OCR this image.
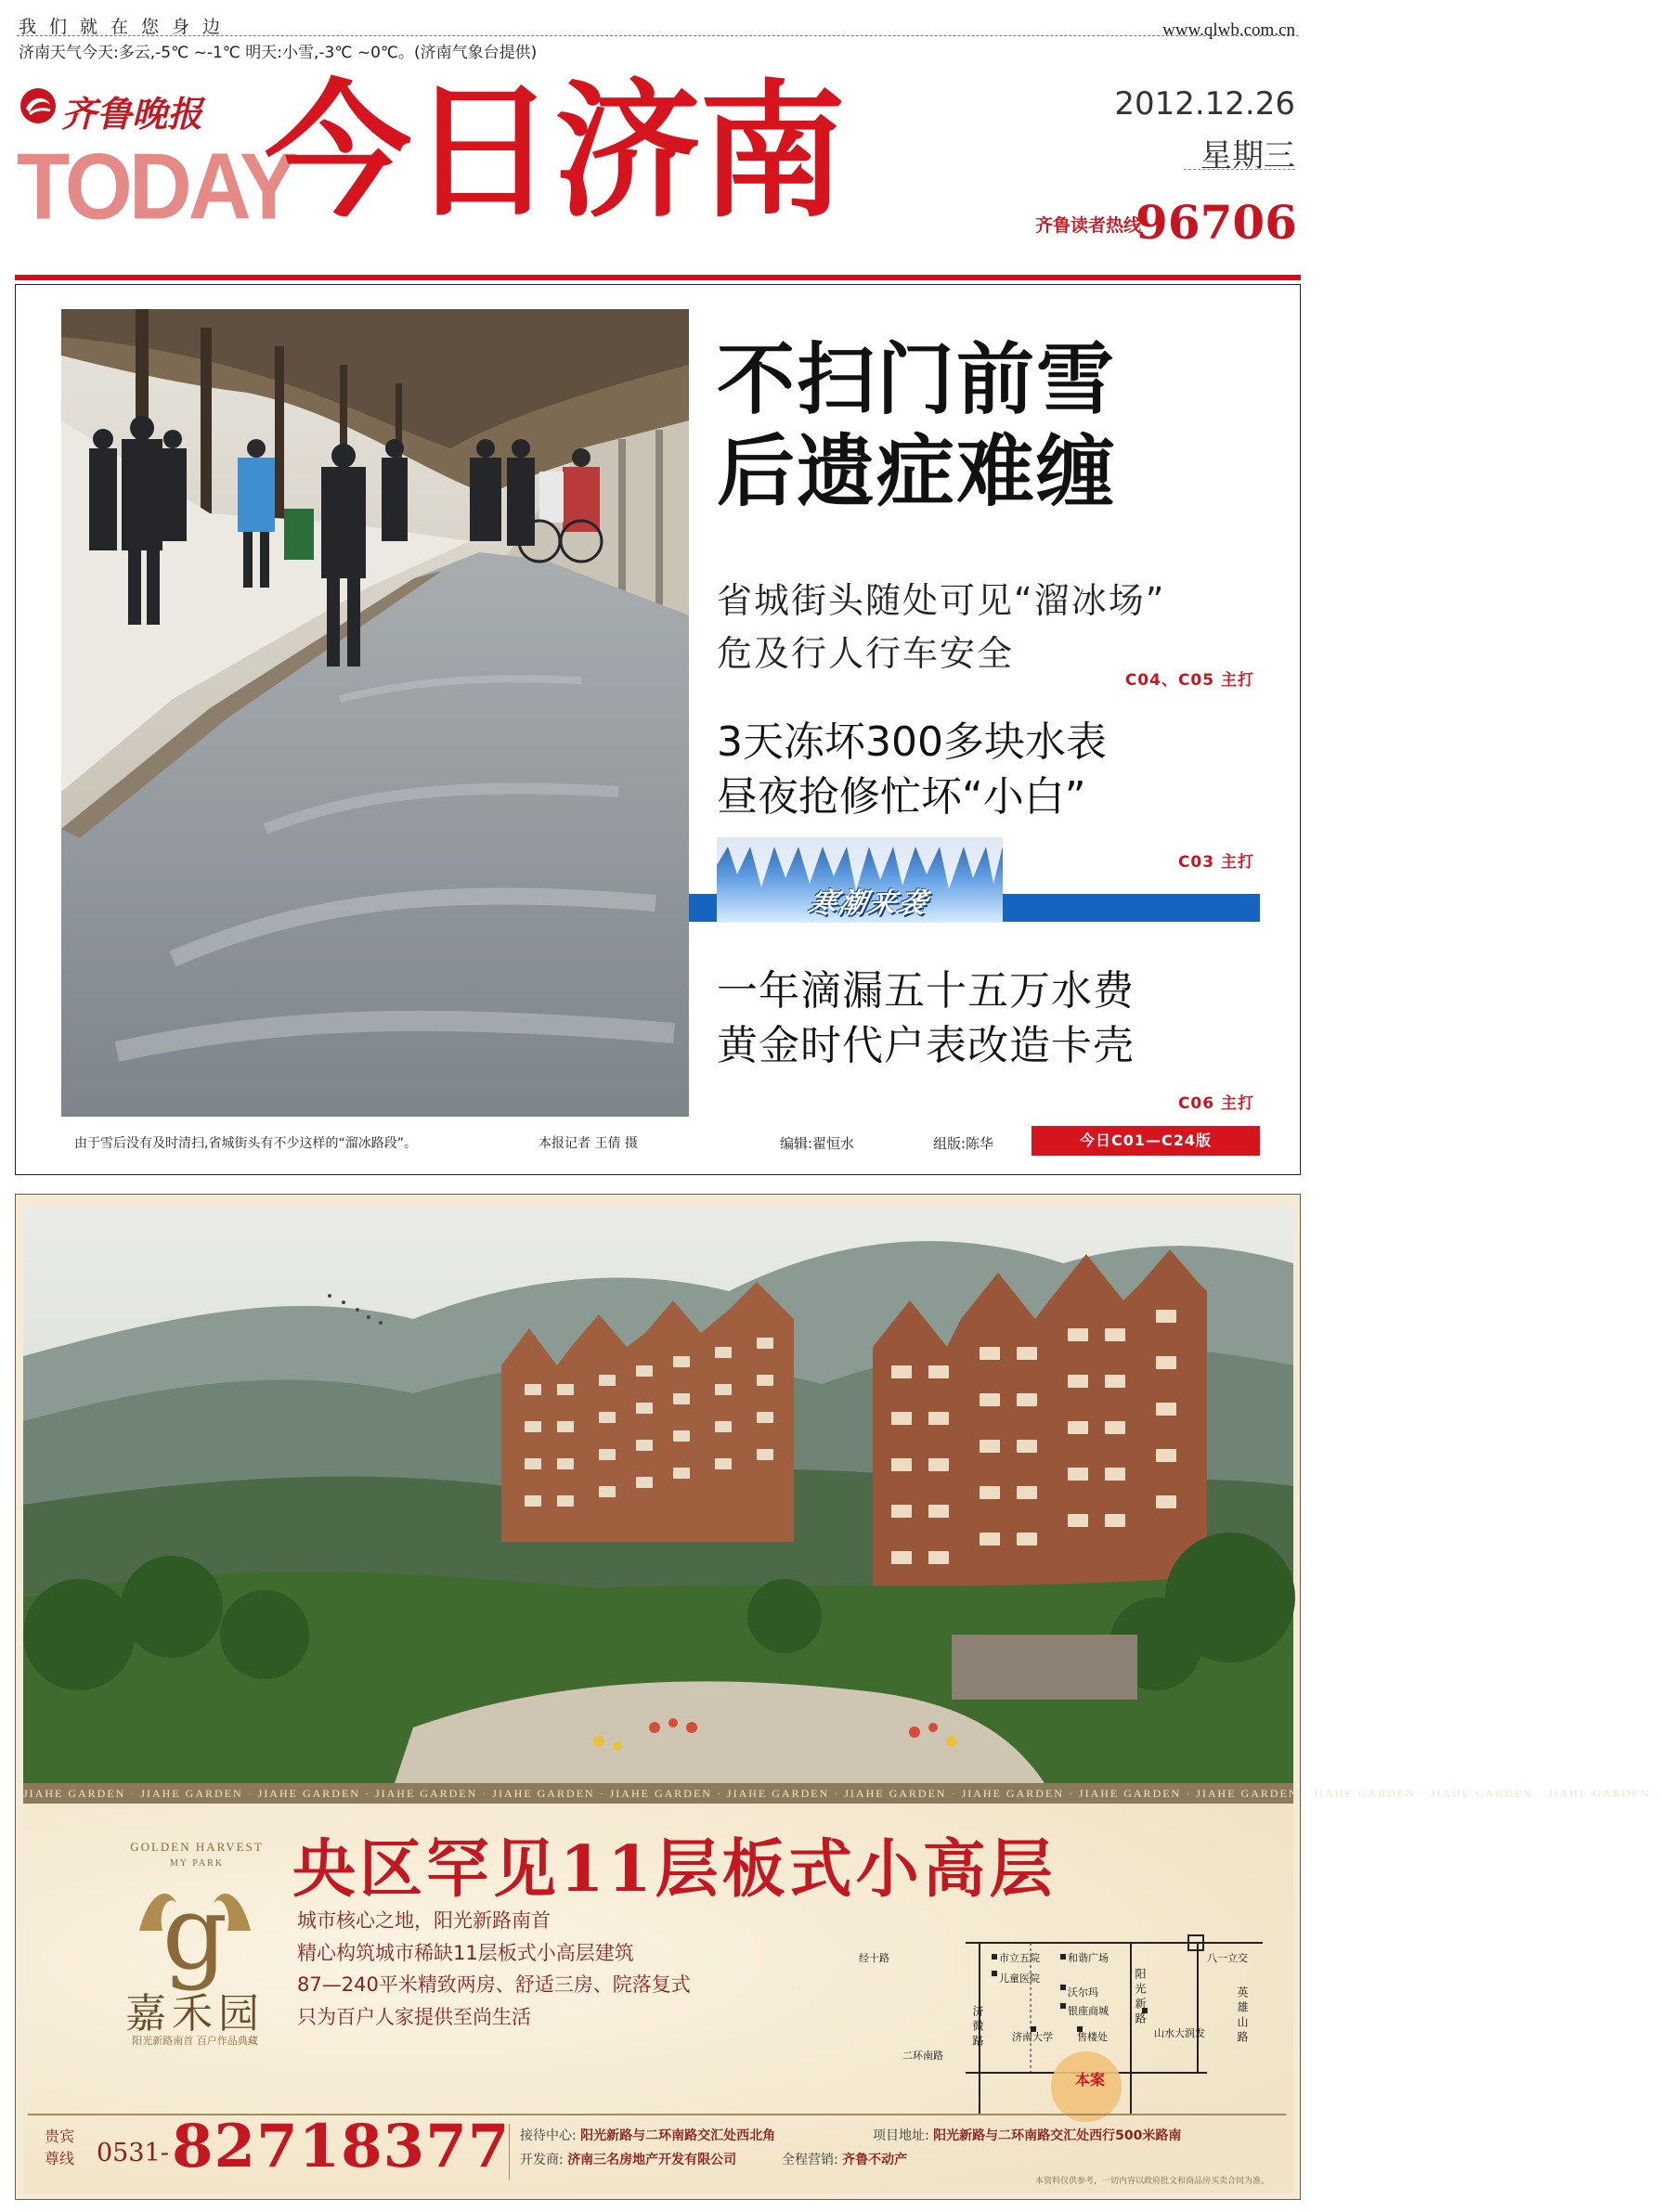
我们就在您身边	www.qlwb.com.cn
济南天气今天:多云,-5℃ ~-1℃ 明天:小雪,-3℃ ~0℃。(济南气象台提供)
齐鲁晚报
TODAY
今日济南	2012.12.26
星期三
齐鲁读者热线
96706
由于雪后没有及时清扫,省城街头有不少这样的“溜冰路段”。	本报记者 王倩 摄
不扫门前雪
后遗症难缠
省城街头随处可见“溜冰场”
危及行人行车安全
C04、C05 主打
3天冻坏300多块水表
昼夜抢修忙坏“小白”
寒潮来袭
C03 主打
一年滴漏五十五万水费
黄金时代户表改造卡壳
C06 主打
编辑:翟恒水	组版:陈华	今日C01—C24版
JIAHE GARDEN · JIAHE GARDEN · JIAHE GARDEN · JIAHE GARDEN · JIAHE GARDEN · JIAHE GARDEN · JIAHE GARDEN · JIAHE GARDEN · JIAHE GARDEN · JIAHE GARDEN · JIAHE GARDEN · JIAHE GARDEN · JIAHE GARDEN · JIAHE GARDEN ·
GOLDEN HARVEST
MY PARK
g
嘉禾园
阳光新路南首 百户作品典藏
央区罕见11层板式小高层
城市核心之地，阳光新路南首
精心构筑城市稀缺11层板式小高层建筑
87—240平米精致两房、舒适三房、院落复式
只为百户人家提供至尚生活
经十路	市立五院
儿童医院
和谐广场	八一立交
沃尔玛
银座商城
山水大润发
济南大学 售楼处
二环南路
济微路	阳光新路	英雄山路
本案
贵宾
尊线 0531- 82718377 接待中心: 阳光新路与二环南路交汇处西北角	项目地址: 阳光新路与二环南路交汇处西行500米路南
开发商: 济南三名房地产开发有限公司	全程营销: 齐鲁不动产
本资料仅供参考，一切内容以政府批文和商品房买卖合同为准。
